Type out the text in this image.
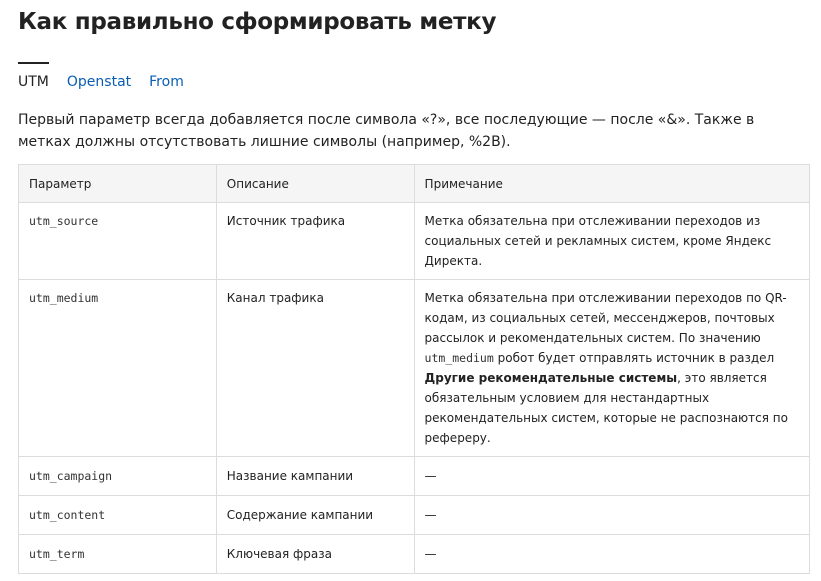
Как правильно сформировать метку
UTM Openstat From

Первый параметр всегда добавляется после символа «?», все последующие — после «&». Также в метках должны отсутствовать лишние символы (например, %2B).

Параметр	Описание	Примечание

utm_source	Источник трафика	Метка обязательна при отслеживании переходов из социальных сетей и рекламных систем, кроме Яндекс Директа.

utm_medium	Канал трафика	Метка обязательна при отслеживании переходов по QR-кодам, из социальных сетей, мессенджеров, почтовых рассылок и рекомендательных систем. По значению utm_medium робот будет отправлять источник в раздел Другие рекомендательные системы, это является обязательным условием для нестандартных рекомендательных систем, которые не распознаются по рефереру.

utm_campaign	Название кампании	—

utm_content	Содержание кампании	—

utm_term	Ключевая фраза	—
